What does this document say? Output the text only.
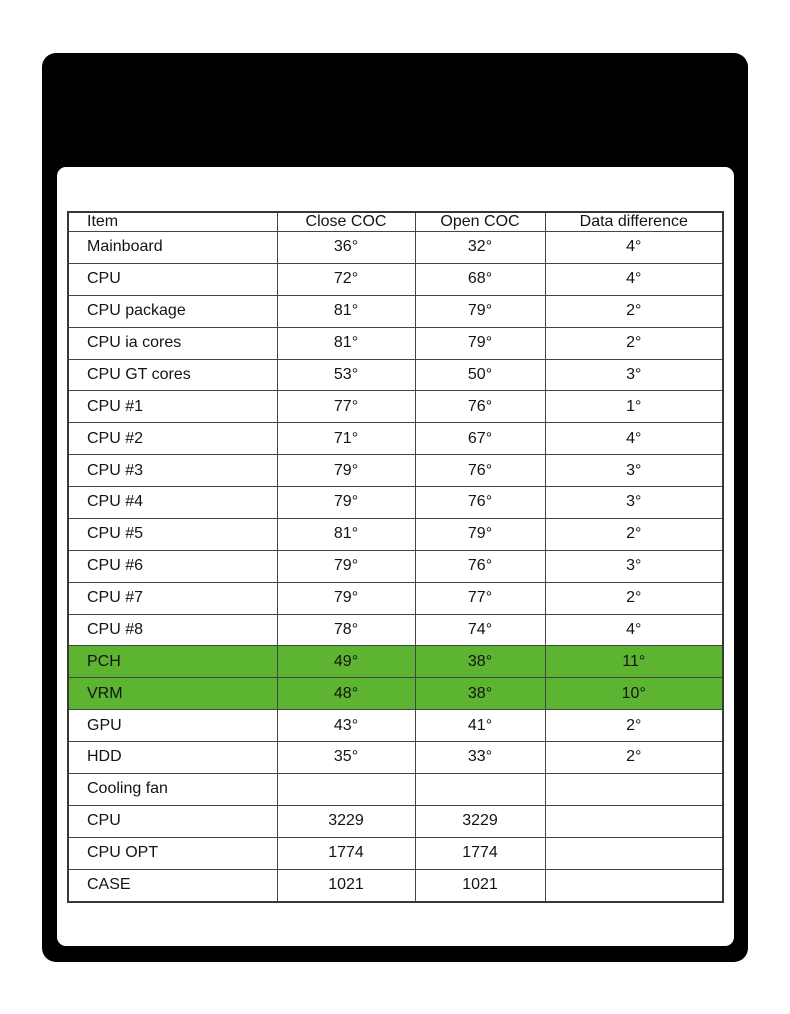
Item	Close COC	Open COC	Data difference
Mainboard	36°	32°	4°
CPU	72°	68°	4°
CPU package	81°	79°	2°
CPU ia cores	81°	79°	2°
CPU GT cores	53°	50°	3°
CPU #1	77°	76°	1°
CPU #2	71°	67°	4°
CPU #3	79°	76°	3°
CPU #4	79°	76°	3°
CPU #5	81°	79°	2°
CPU #6	79°	76°	3°
CPU #7	79°	77°	2°
CPU #8	78°	74°	4°
PCH	49°	38°	11°
VRM	48°	38°	10°
GPU	43°	41°	2°
HDD	35°	33°	2°
Cooling fan			
CPU	3229	3229	
CPU OPT	1774	1774	
CASE	1021	1021	
